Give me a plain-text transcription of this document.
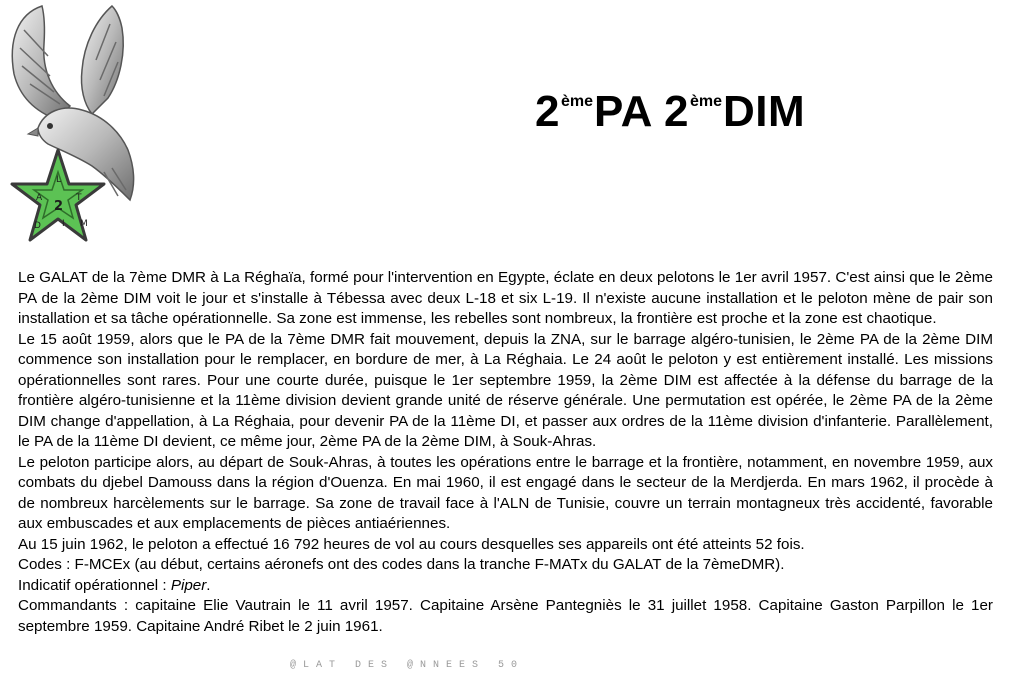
A
L
T
M
D I
2
2èmePA 2èmeDIM

Le GALAT de la 7ème DMR à La Réghaïa, formé pour l'intervention en Egypte, éclate en deux pelotons le 1er avril 1957. C'est ainsi que le 2ème PA de la 2ème DIM voit le jour et s'installe à Tébessa avec deux L-18 et six L-19. Il n'existe aucune installation et le peloton mène de pair son installation et sa tâche opérationnelle. Sa zone est immense, les rebelles sont nombreux, la frontière est proche et la zone est chaotique.

Le 15 août 1959, alors que le PA de la 7ème DMR fait mouvement, depuis la ZNA, sur le barrage algéro-tunisien, le 2ème PA de la 2ème DIM commence son installation pour le remplacer, en bordure de mer, à La Réghaia. Le 24 août le peloton y est entièrement installé. Les missions opérationnelles sont rares. Pour une courte durée, puisque le 1er septembre 1959, la 2ème DIM est affectée à la défense du barrage de la frontière algéro-tunisienne et la 11ème division devient grande unité de réserve générale. Une permutation est opérée, le 2ème PA de la 2ème DIM change d'appellation, à La Réghaia, pour devenir PA de la 11ème DI, et passer aux ordres de la 11ème division d'infanterie. Parallèlement, le PA de la 11ème DI devient, ce même jour, 2ème PA de la 2ème DIM, à Souk-Ahras.

Le peloton participe alors, au départ de Souk-Ahras, à toutes les opérations entre le barrage et la frontière, notamment, en novembre 1959, aux combats du djebel Damouss dans la région d'Ouenza. En mai 1960, il est engagé dans le secteur de la Merdjerda. En mars 1962, il procède à de nombreux harcèlements sur le barrage. Sa zone de travail face à l'ALN de Tunisie, couvre un terrain montagneux très accidenté, favorable aux embuscades et aux emplacements de pièces antiaériennes.

Au 15 juin 1962, le peloton a effectué 16 792 heures de vol au cours desquelles ses appareils ont été atteints 52 fois.

Codes : F-MCEx (au début, certains aéronefs ont des codes dans la tranche F-MATx du GALAT de la 7èmeDMR).

Indicatif opérationnel : Piper.

Commandants : capitaine Elie Vautrain le 11 avril 1957. Capitaine Arsène Pantegniès le 31 juillet 1958. Capitaine Gaston Parpillon le 1er septembre 1959. Capitaine André Ribet le 2 juin 1961.

@LAT DES @NNEES 50
